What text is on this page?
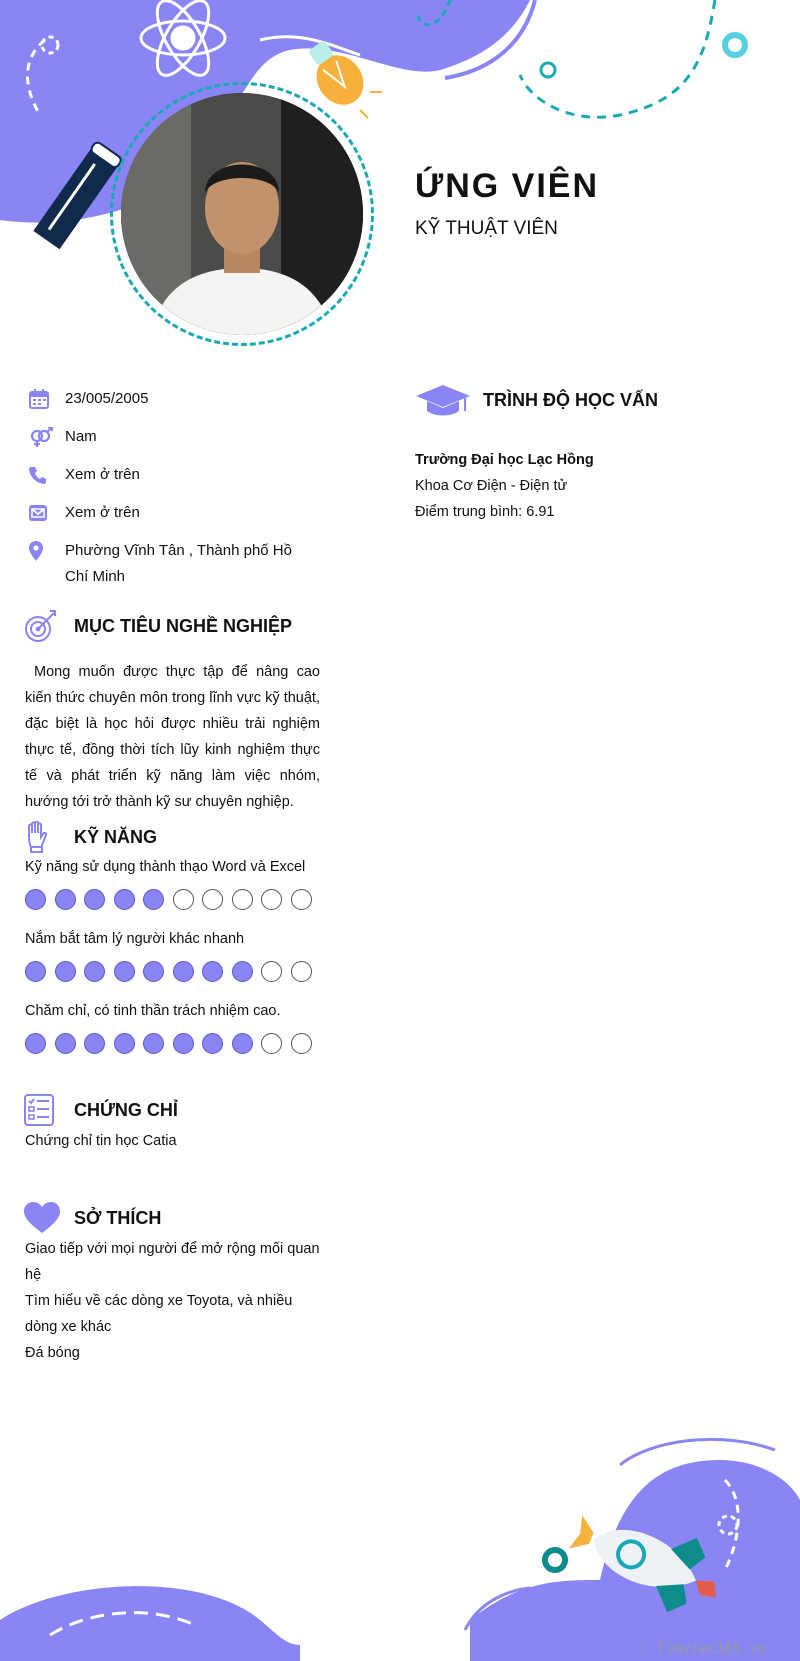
ỨNG VIÊN
KỸ THUẬT VIÊN
23/005/2005
Nam
Xem ở trên
Xem ở trên
Phường Vĩnh Tân , Thành phố Hồ Chí Minh
MỤC TIÊU NGHỀ NGHIỆP
Mong muốn được thực tập để nâng cao kiến thức chuyên môn trong lĩnh vực kỹ thuật, đặc biệt là học hỏi được nhiều trải nghiệm thực tế, đồng thời tích lũy kinh nghiệm thực tế và phát triển kỹ năng làm việc nhóm, hướng tới trở thành kỹ sư chuyên nghiệp.
KỸ NĂNG
Kỹ năng sử dụng thành thạo Word và Excel
Nắm bắt tâm lý người khác nhanh
Chăm chỉ, có tinh thần trách nhiệm cao.
CHỨNG CHỈ
Chứng chỉ tin học Catia
SỞ THÍCH
Giao tiếp với mọi người để mở rộng mối quan hệ
Tìm hiểu về các dòng xe Toyota, và nhiều dòng xe khác
Đá bóng
TRÌNH ĐỘ HỌC VẤN
Trường Đại học Lạc Hồng
Khoa Cơ Điện - Điện tử
Điểm trung bình: 6.91
∴ Timviec365.vn
